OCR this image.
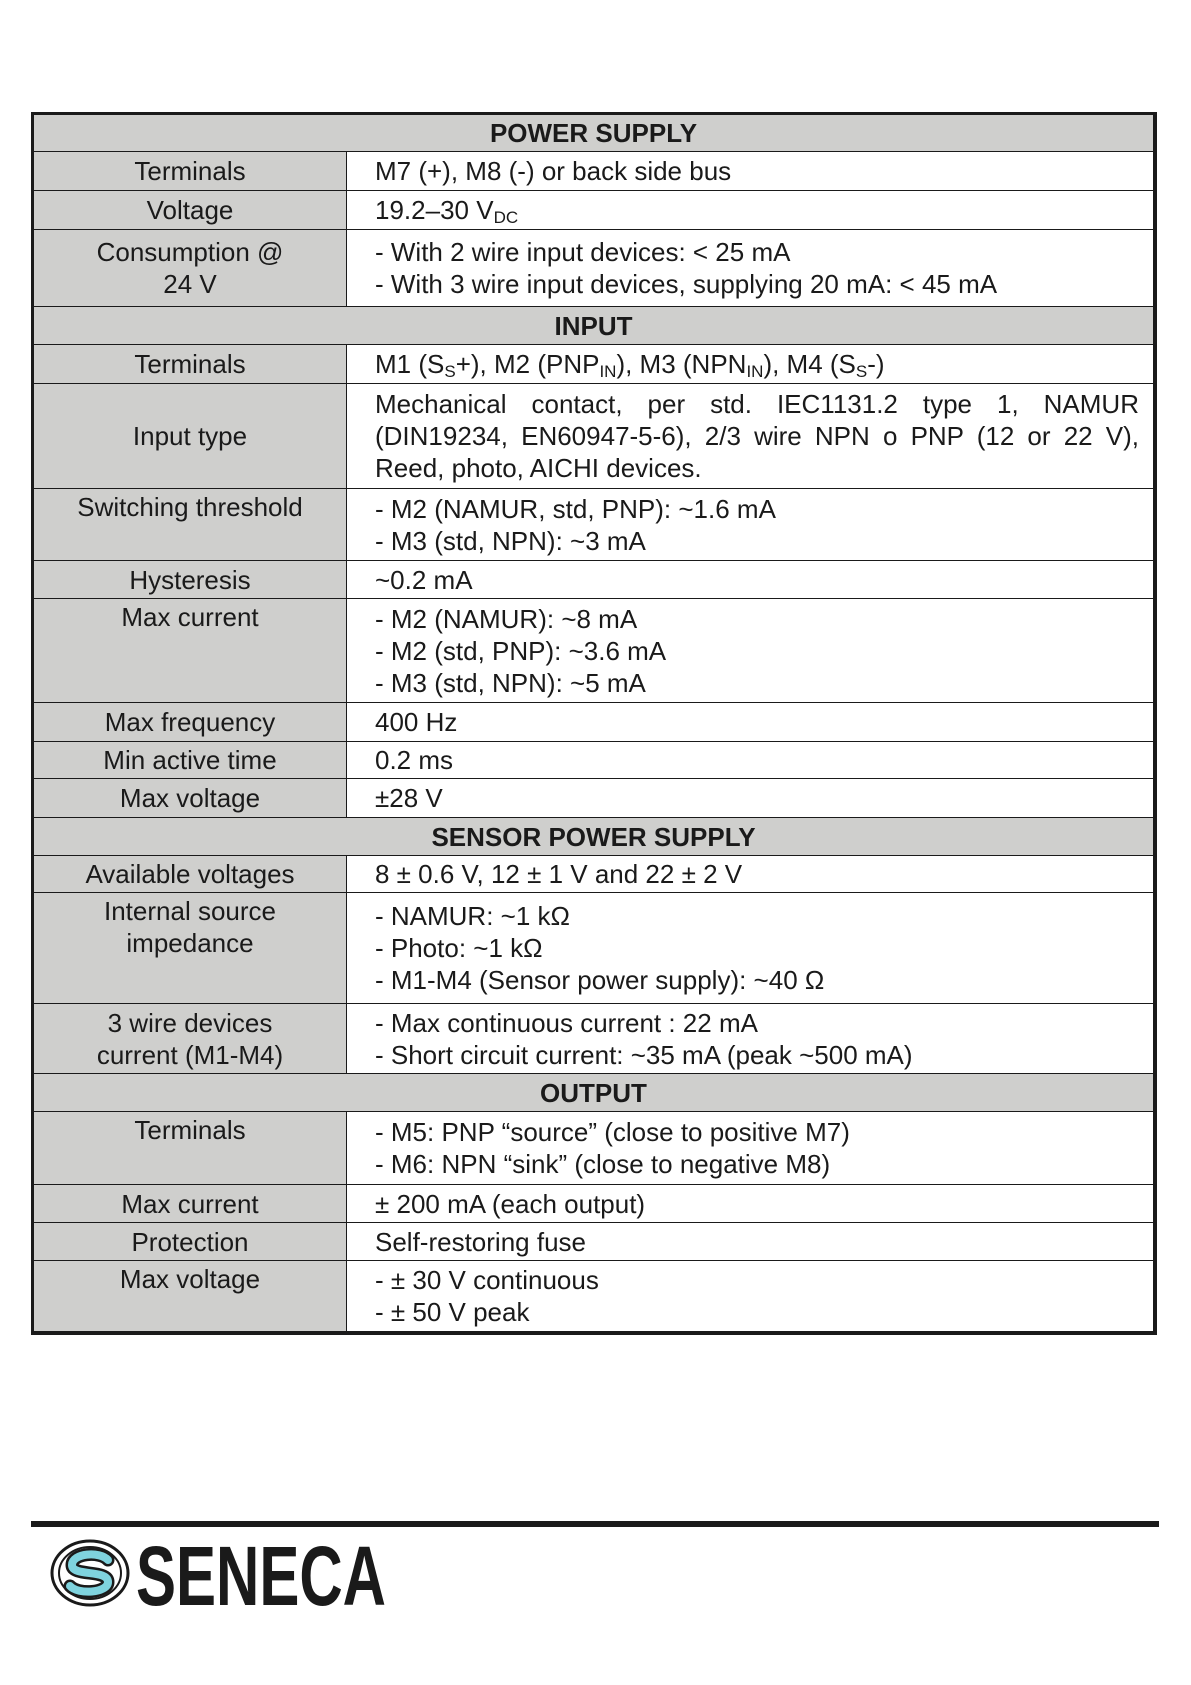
POWER SUPPLY	

Terminals	M7 (+), M8 (-) or back side bus

Voltage	19.2–30 $V_{DC}$

Consumption @
24 V	- With 2 wire input devices: < 25 mA
- With 3 wire input devices, supplying 20 mA: < 45 mA

INPUT	

Terminals	M1 $(S_S+)$, M2 $(PNP_{IN})$, M3 $(NPN_{IN})$, M4 $(S_S-)$

Input type	Mechanical contact, per std. IEC1131.2 type 1, NAMUR
(DIN19234, EN60947-5-6), 2/3 wire NPN o PNP (12 or 22 V),
Reed, photo, AICHI devices.

Switching threshold	- M2 (NAMUR, std, PNP): ~1.6 mA
- M3 (std, NPN): ~3 mA

Hysteresis	~0.2 mA

Max current	- M2 (NAMUR): ~8 mA
- M2 (std, PNP): ~3.6 mA
- M3 (std, NPN): ~5 mA

Max frequency	400 Hz

Min active time	0.2 ms

Max voltage	±28 V

SENSOR POWER SUPPLY	

Available voltages	8 ± 0.6 V, 12 ± 1 V and 22 ± 2 V

Internal source
impedance	- NAMUR: ~1 kΩ
- Photo: ~1 kΩ
- M1-M4 (Sensor power supply): ~40 Ω

3 wire devices
current (M1-M4)	- Max continuous current : 22 mA
- Short circuit current: ~35 mA (peak ~500 mA)

OUTPUT	

Terminals	- M5: PNP “source” (close to positive M7)
- M6: NPN “sink” (close to negative M8)

Max current	± 200 mA (each output)

Protection	Self-restoring fuse

Max voltage	- ± 30 V continuous
- ± 50 V peak
SENECA
